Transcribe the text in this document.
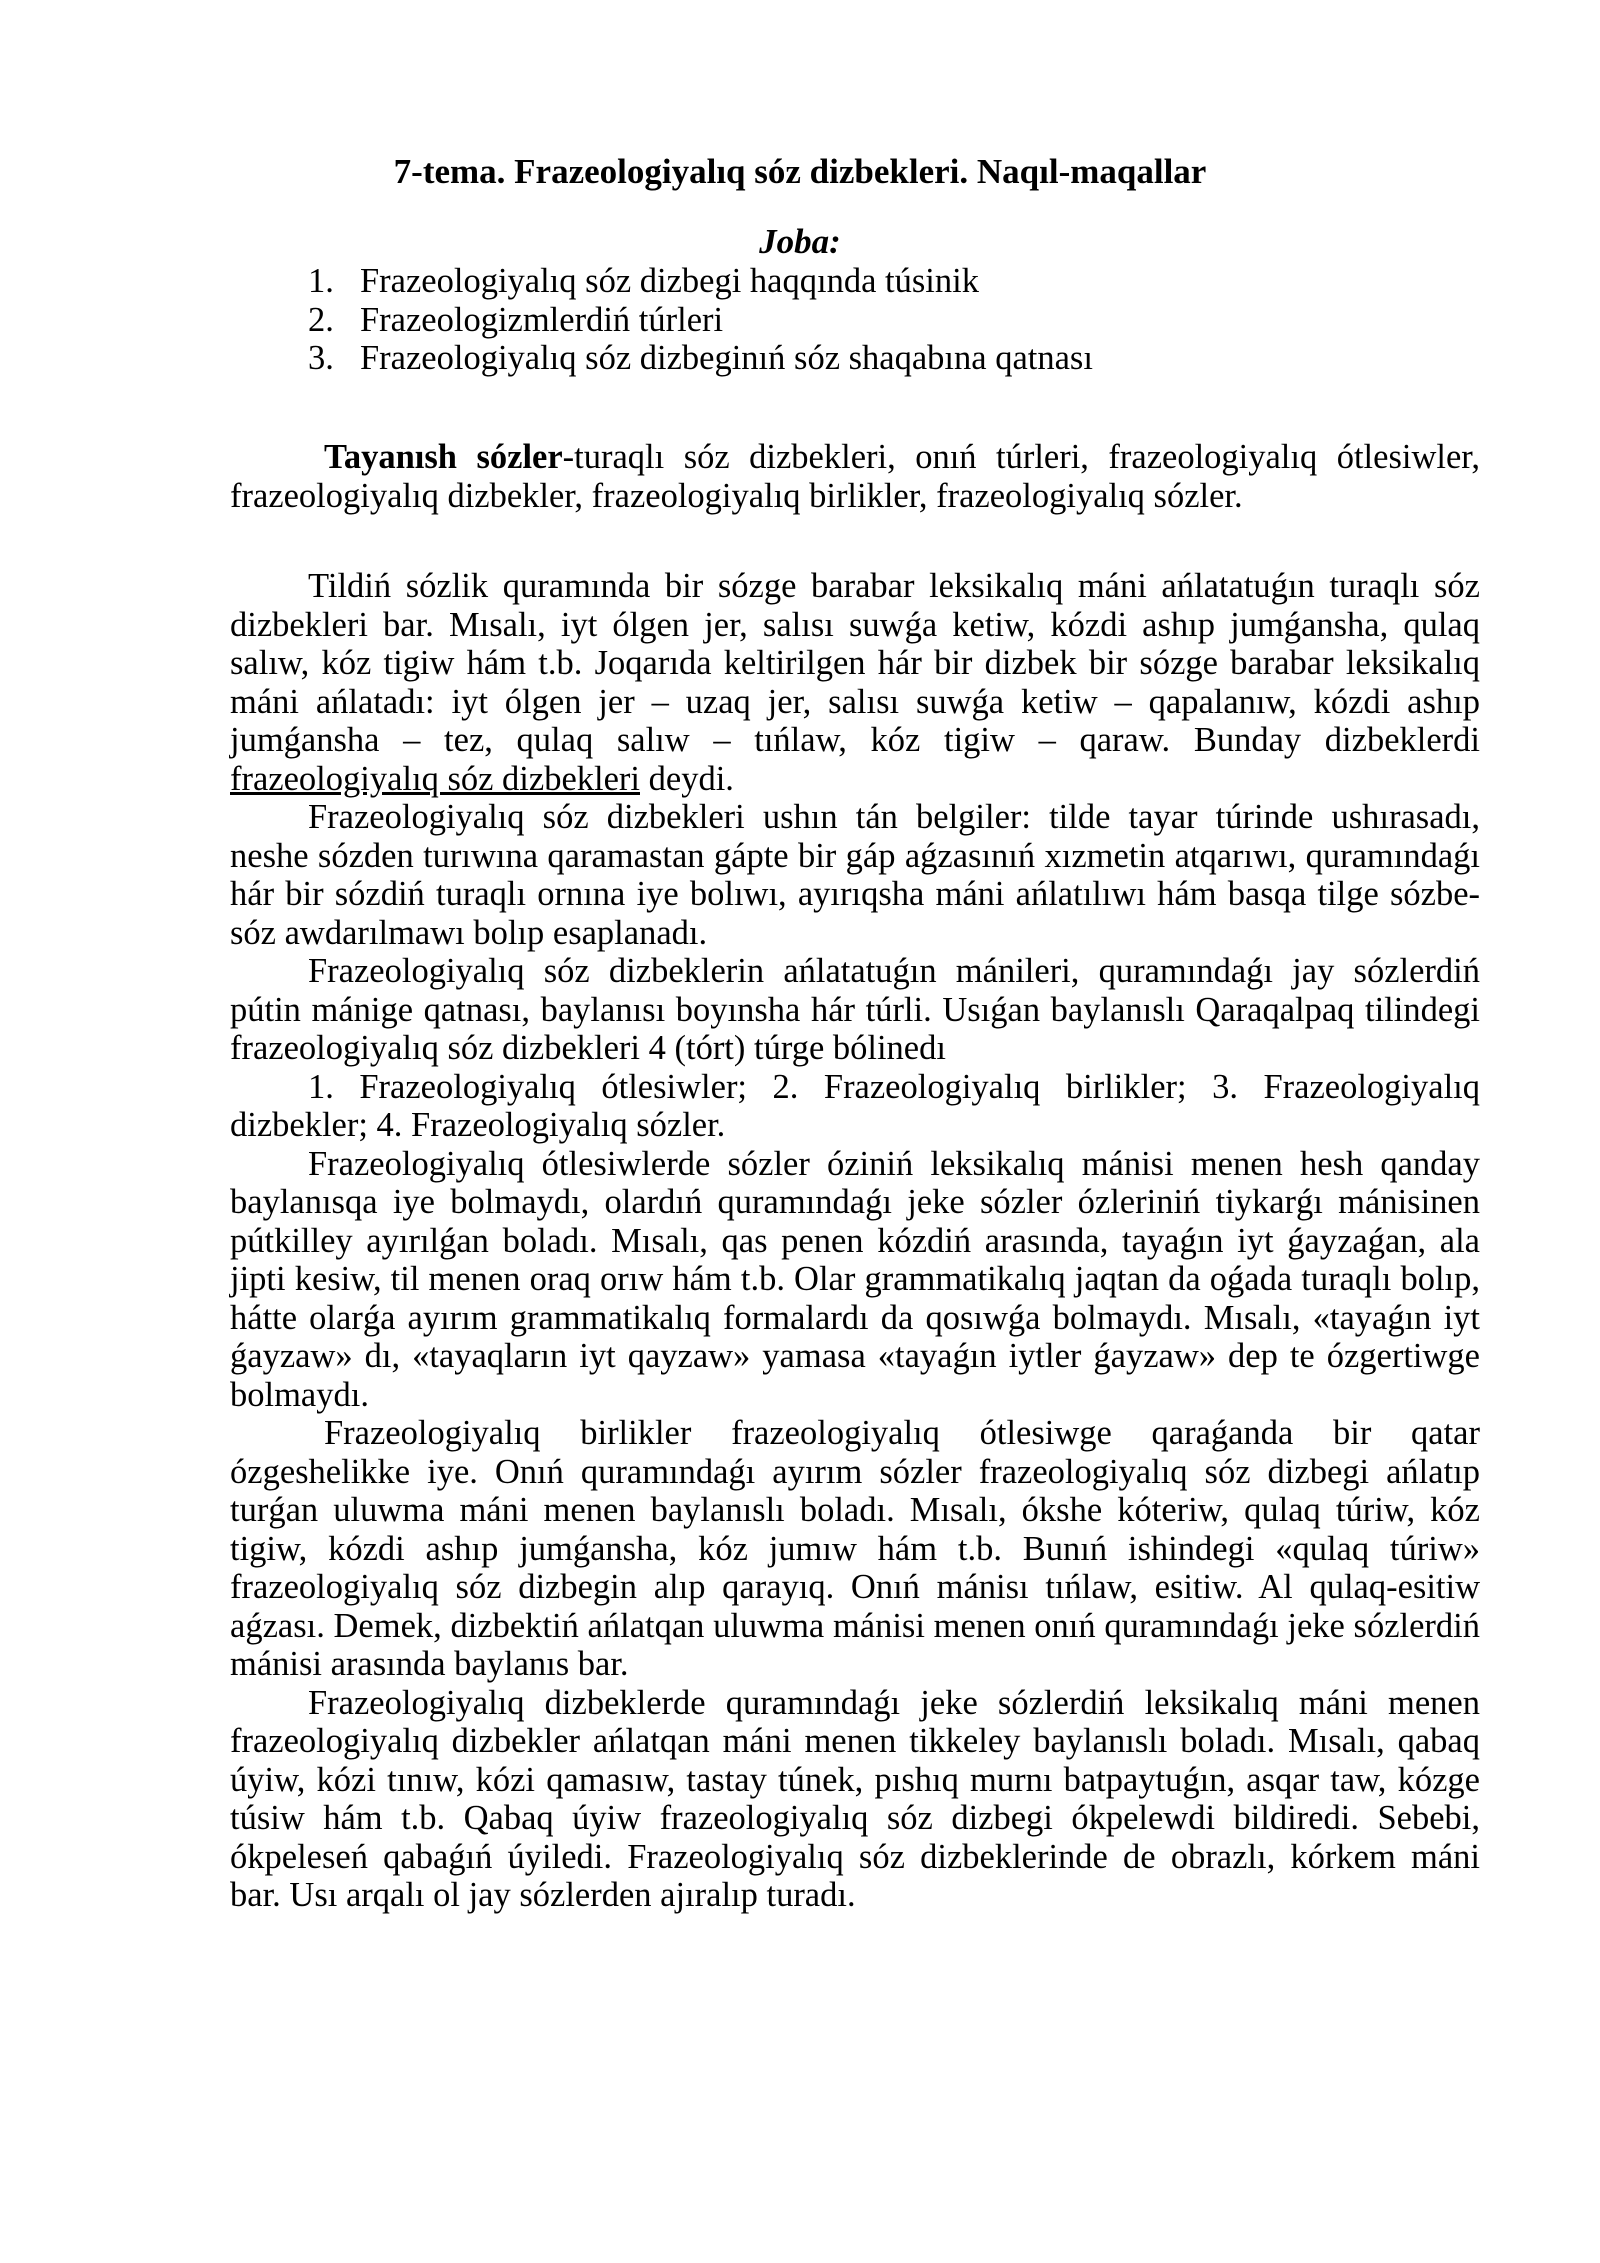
7-tema. Frazeologiyalıq sóz dizbekleri. Naqıl-maqallar
Joba:
1. Frazeologiyalıq sóz dizbegi haqqında túsinik
2. Frazeologizmlerdiń túrleri
3. Frazeologiyalıq sóz dizbeginıń sóz shaqabına qatnası

Tayanısh sózler-turaqlı sóz dizbekleri, onıń túrleri, frazeologiyalıq ótlesiwler, frazeologiyalıq dizbekler, frazeologiyalıq birlikler, frazeologiyalıq sózler.

Tildiń sózlik quramında bir sózge barabar leksikalıq máni ańlatatuǵın turaqlı sóz dizbekleri bar. Mısalı, iyt ólgen jer, salısı suwǵa ketiw, kózdi ashıp jumǵansha, qulaq salıw, kóz tigiw hám t.b. Joqarıda keltirilgen hár bir dizbek bir sózge barabar leksikalıq máni ańlatadı: iyt ólgen jer – uzaq jer, salısı suwǵa ketiw – qapalanıw, kózdi ashıp jumǵansha – tez, qulaq salıw – tıńlaw, kóz tigiw – qaraw. Bunday dizbeklerdi frazeologiyalıq sóz dizbekleri deydi.

Frazeologiyalıq sóz dizbekleri ushın tán belgiler: tilde tayar túrinde ushırasadı, neshe sózden turıwına qaramastan gápte bir gáp aǵzasınıń xızmetin atqarıwı, quramındaǵı hár bir sózdiń turaqlı ornına iye bolıwı, ayırıqsha máni ańlatılıwı hám basqa tilge sózbe-sóz awdarılmawı bolıp esaplanadı.

Frazeologiyalıq sóz dizbeklerin ańlatatuǵın mánileri, quramındaǵı jay sózlerdiń pútin mánige qatnası, baylanısı boyınsha hár túrli. Usıǵan baylanıslı Qaraqalpaq tilindegi frazeologiyalıq sóz dizbekleri 4 (tórt) túrge bólinedı

1. Frazeologiyalıq ótlesiwler; 2. Frazeologiyalıq birlikler; 3. Frazeologiyalıq dizbekler; 4. Frazeologiyalıq sózler.

Frazeologiyalıq ótlesiwlerde sózler óziniń leksikalıq mánisi menen hesh qanday baylanısqa iye bolmaydı, olardıń quramındaǵı jeke sózler ózleriniń tiykarǵı mánisinen pútkilley ayırılǵan boladı. Mısalı, qas penen kózdiń arasında, tayaǵın iyt ǵayzaǵan, ala jipti kesiw, til menen oraq orıw hám t.b. Olar grammatikalıq jaqtan da oǵada turaqlı bolıp, hátte olarǵa ayırım grammatikalıq formalardı da qosıwǵa bolmaydı. Mısalı, «tayaǵın iyt ǵayzaw» dı, «tayaqların iyt qayzaw» yamasa «tayaǵın iytler ǵayzaw» dep te ózgertiwge bolmaydı.

Frazeologiyalıq birlikler frazeologiyalıq ótlesiwge qaraǵanda bir qatar ózgeshelikke iye. Onıń quramındaǵı ayırım sózler frazeologiyalıq sóz dizbegi ańlatıp turǵan uluwma máni menen baylanıslı boladı. Mısalı, ókshe kóteriw, qulaq túriw, kóz tigiw, kózdi ashıp jumǵansha, kóz jumıw hám t.b. Bunıń ishindegi «qulaq túriw» frazeologiyalıq sóz dizbegin alıp qarayıq. Onıń mánisı tıńlaw, esitiw. Al qulaq-esitiw aǵzası. Demek, dizbektiń ańlatqan uluwma mánisi menen onıń quramındaǵı jeke sózlerdiń mánisi arasında baylanıs bar.

Frazeologiyalıq dizbeklerde quramındaǵı jeke sózlerdiń leksikalıq máni menen frazeologiyalıq dizbekler ańlatqan máni menen tikkeley baylanıslı boladı. Mısalı, qabaq úyiw, kózi tınıw, kózi qamasıw, tastay túnek, pıshıq murnı batpaytuǵın, asqar taw, kózge túsiw hám t.b. Qabaq úyiw frazeologiyalıq sóz dizbegi ókpelewdi bildiredi. Sebebi, ókpeleseń qabaǵıń úyiledi. Frazeologiyalıq sóz dizbeklerinde de obrazlı, kórkem máni bar. Usı arqalı ol jay sózlerden ajıralıp turadı.
